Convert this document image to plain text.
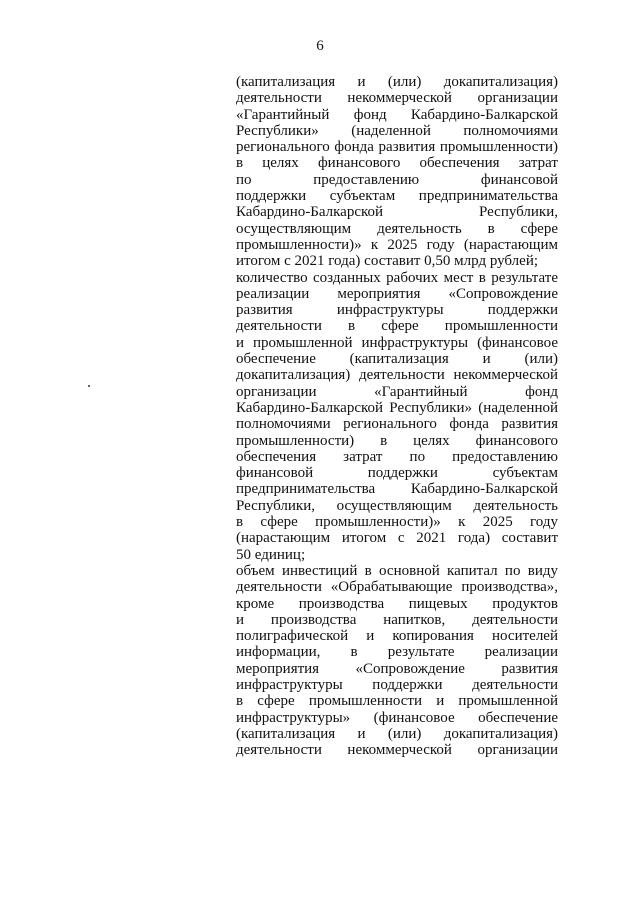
6
(капитализация и (или) докапитализация)
деятельности некоммерческой организации
«Гарантийный фонд Кабардино-Балкарской
Республики» (наделенной полномочиями
регионального фонда развития промышленности)
в целях финансового обеспечения затрат
по предоставлению финансовой
поддержки субъектам предпринимательства
Кабардино-Балкарской Республики,
осуществляющим деятельность в сфере
промышленности)» к 2025 году (нарастающим
итогом с 2021 года) составит 0,50 млрд рублей;
количество созданных рабочих мест в результате
реализации мероприятия «Сопровождение
развития инфраструктуры поддержки
деятельности в сфере промышленности
и промышленной инфраструктуры (финансовое
обеспечение (капитализация и (или)
докапитализация) деятельности некоммерческой
организации «Гарантийный фонд
Кабардино-Балкарской Республики» (наделенной
полномочиями регионального фонда развития
промышленности) в целях финансового
обеспечения затрат по предоставлению
финансовой поддержки субъектам
предпринимательства Кабардино-Балкарской
Республики, осуществляющим деятельность
в сфере промышленности)» к 2025 году
(нарастающим итогом с 2021 года) составит
50 единиц;
объем инвестиций в основной капитал по виду
деятельности «Обрабатывающие производства»,
кроме производства пищевых продуктов
и производства напитков, деятельности
полиграфической и копирования носителей
информации, в результате реализации
мероприятия «Сопровождение развития
инфраструктуры поддержки деятельности
в сфере промышленности и промышленной
инфраструктуры» (финансовое обеспечение
(капитализация и (или) докапитализация)
деятельности некоммерческой организации
